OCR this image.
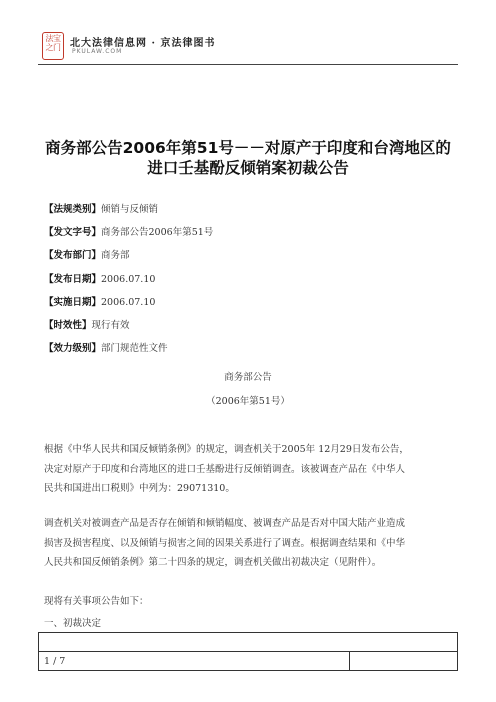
法宝之门 北大法律信息网 · 京法律图书
PKULAW.COM
商务部公告2006年第51号－－对原产于印度和台湾地区的
进口壬基酚反倾销案初裁公告
【法规类别】倾销与反倾销
【发文字号】商务部公告2006年第51号
【发布部门】商务部
【发布日期】2006.07.10
【实施日期】2006.07.10
【时效性】现行有效
【效力级别】部门规范性文件
商务部公告
（2006年第51号）
根据《中华人民共和国反倾销条例》的规定，调查机关于2005年 12月29日发布公告，
决定对原产于印度和台湾地区的进口壬基酚进行反倾销调查。该被调查产品在《中华人
民共和国进出口税则》中列为：29071310。
调查机关对被调查产品是否存在倾销和倾销幅度、被调查产品是否对中国大陆产业造成
损害及损害程度、以及倾销与损害之间的因果关系进行了调查。根据调查结果和《中华
人民共和国反倾销条例》第二十四条的规定，调查机关做出初裁决定（见附件）。
现将有关事项公告如下：
一、初裁决定

1 / 7	
